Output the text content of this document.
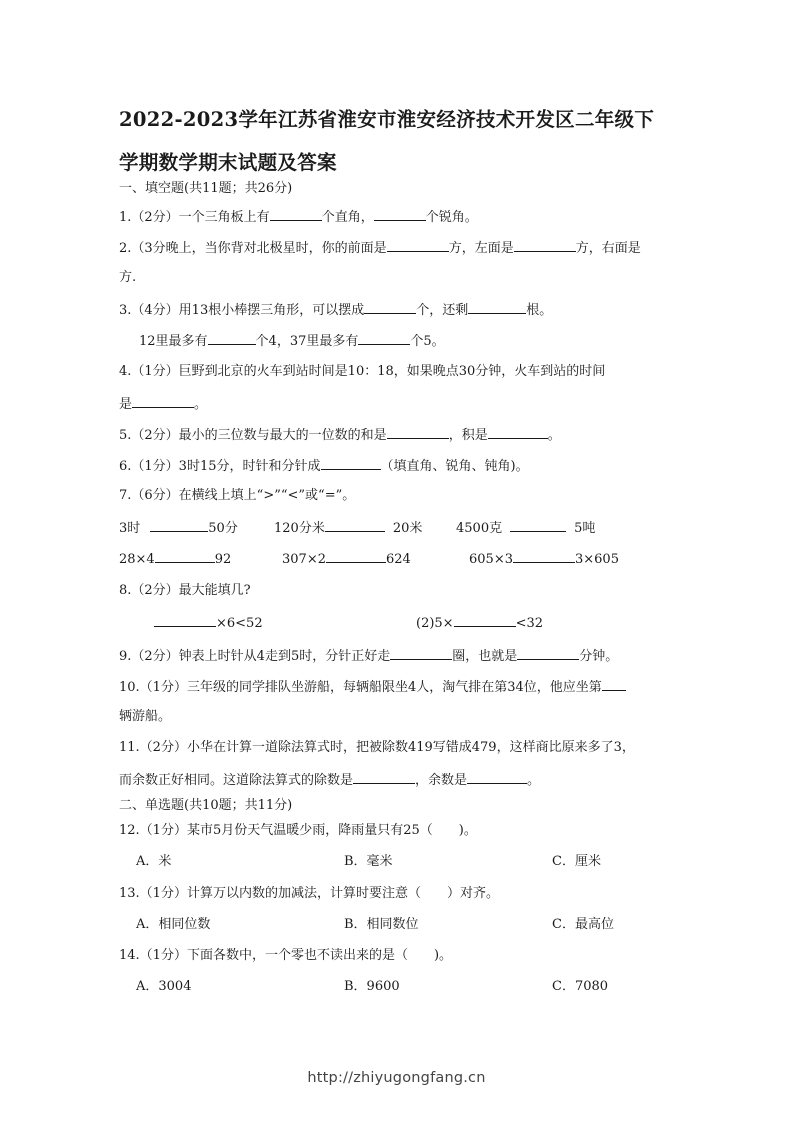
2022-2023学年江苏省淮安市淮安经济技术开发区二年级下
学期数学期末试题及答案
一、填空题(共11题；共26分)
1.（2分）一个三角板上有	个直角，	个锐角。
2.（3分晚上，当你背对北极星时，你的前面是	方，左面是	方，右面是
方.
3.（4分）用13根小棒摆三角形，可以摆成	个，还剩	根。
12里最多有	个4，37里最多有	个5。
4.（1分）巨野到北京的火车到站时间是10：18，如果晚点30分钟，火车到站的时间
是	。
5.（2分）最小的三位数与最大的一位数的和是	，积是	。
6.（1分）3时15分，时针和分针成	（填直角、锐角、钝角)。
7.（6分）在横线上填上“>”“<”或“=”。
3时	50分	120分米	20米	4500克	5吨
28×4	92	307×2	624	605×3	3×605
8.（2分）最大能填几?
×6<52	(2)5×	<32
9.（2分）钟表上时针从4走到5时，分针正好走	圈，也就是	分钟。
10.（1分）三年级的同学排队坐游船，每辆船限坐4人，淘气排在第34位，他应坐第
辆游船。
11.（2分）小华在计算一道除法算式时，把被除数419写错成479，这样商比原来多了3，
而余数正好相同。这道除法算式的除数是	，余数是	。
二、单选题(共10题；共11分)
12.（1分）某市5月份天气温暖少雨，降雨量只有25（　　)。
A．米	B．毫米	C．厘米
13.（1分）计算万以内数的加减法，计算时要注意（　　）对齐。
A．相同位数	B．相同数位	C．最高位
14.（1分）下面各数中，一个零也不读出来的是（　　)。
A．3004	B．9600	C．7080
http://zhiyugongfang.cn
